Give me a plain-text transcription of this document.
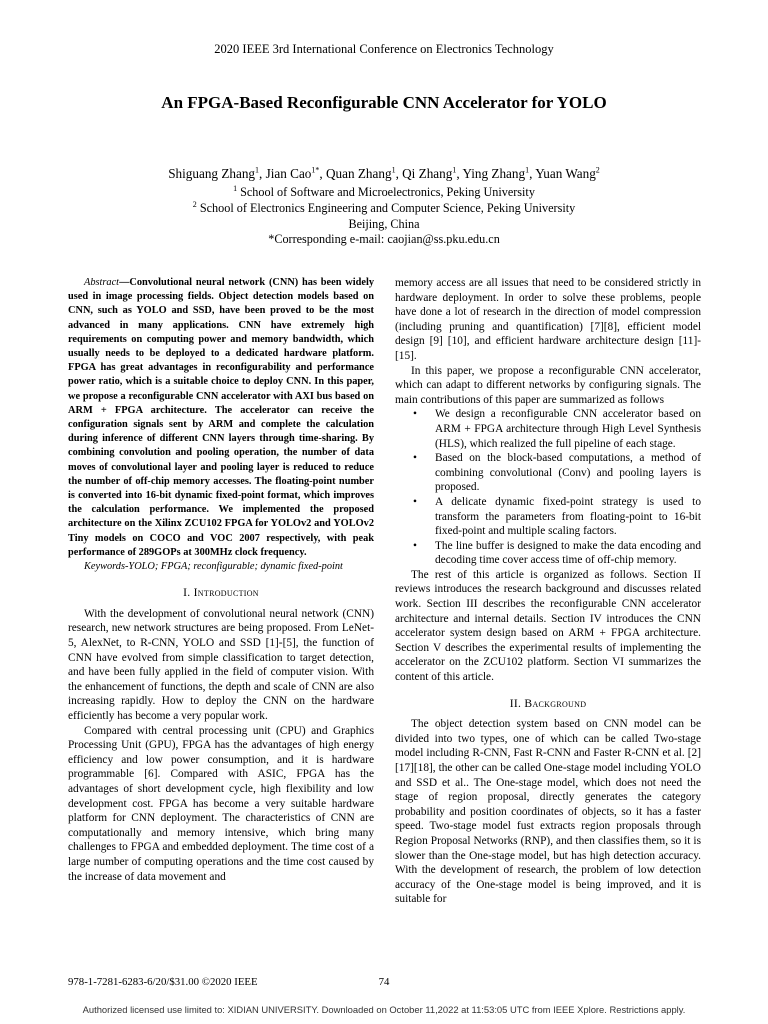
2020 IEEE 3rd International Conference on Electronics Technology
An FPGA-Based Reconfigurable CNN Accelerator for YOLO
Shiguang Zhang$^1$, Jian Cao$^{1*}$, Quan Zhang$^1$, Qi Zhang$^1$, Ying Zhang$^1$, Yuan Wang$^2$
$^1$ School of Software and Microelectronics, Peking University
$^2$ School of Electronics Engineering and Computer Science, Peking University
Beijing, China
*Corresponding e-mail: caojian@ss.pku.edu.cn

Abstract—Convolutional neural network (CNN) has been widely used in image processing fields. Object detection models based on CNN, such as YOLO and SSD, have been proved to be the most advanced in many applications. CNN have extremely high requirements on computing power and memory bandwidth, which usually needs to be deployed to a dedicated hardware platform. FPGA has great advantages in reconfigurability and performance power ratio, which is a suitable choice to deploy CNN. In this paper, we propose a reconfigurable CNN accelerator with AXI bus based on ARM + FPGA architecture. The accelerator can receive the configuration signals sent by ARM and complete the calculation during inference of different CNN layers through time-sharing. By combining convolution and pooling operation, the number of data moves of convolutional layer and pooling layer is reduced to reduce the number of off-chip memory accesses. The floating-point number is converted into 16-bit dynamic fixed-point format, which improves the calculation performance. We implemented the proposed architecture on the Xilinx ZCU102 FPGA for YOLOv2 and YOLOv2 Tiny models on COCO and VOC 2007 respectively, with peak performance of 289GOPs at 300MHz clock frequency.

Keywords-YOLO; FPGA; reconfigurable; dynamic fixed-point

I. Introduction

With the development of convolutional neural network (CNN) research, new network structures are being proposed. From LeNet-5, AlexNet, to R-CNN, YOLO and SSD [1]-[5], the function of CNN have evolved from simple classification to target detection, and have been fully applied in the field of computer vision. With the enhancement of functions, the depth and scale of CNN are also increasing rapidly. How to deploy the CNN on the hardware efficiently has become a very popular work.

Compared with central processing unit (CPU) and Graphics Processing Unit (GPU), FPGA has the advantages of high energy efficiency and low power consumption, and it is hardware programmable [6]. Compared with ASIC, FPGA has the advantages of short development cycle, high flexibility and low development cost. FPGA has become a very suitable hardware platform for CNN deployment. The characteristics of CNN are computationally and memory intensive, which bring many challenges to FPGA and embedded deployment. The time cost of a large number of computing operations and the time cost caused by the increase of data movement and

memory access are all issues that need to be considered strictly in hardware deployment. In order to solve these problems, people have done a lot of research in the direction of model compression (including pruning and quantification) [7][8], efficient model design [9] [10], and efficient hardware architecture design [11]-[15].

In this paper, we propose a reconfigurable CNN accelerator, which can adapt to different networks by configuring signals. The main contributions of this paper are summarized as follows

• We design a reconfigurable CNN accelerator based on ARM + FPGA architecture through High Level Synthesis (HLS), which realized the full pipeline of each stage.
• Based on the block-based computations, a method of combining convolutional (Conv) and pooling layers is proposed.
• A delicate dynamic fixed-point strategy is used to transform the parameters from floating-point to 16-bit fixed-point and multiple scaling factors.
• The line buffer is designed to make the data encoding and decoding time cover access time of off-chip memory.

The rest of this article is organized as follows. Section II reviews introduces the research background and discusses related work. Section III describes the reconfigurable CNN accelerator architecture and internal details. Section IV introduces the CNN accelerator system design based on ARM + FPGA architecture. Section V describes the experimental results of implementing the accelerator on the ZCU102 platform. Section VI summarizes the content of this article.

II. Background

The object detection system based on CNN model can be divided into two types, one of which can be called Two-stage model including R-CNN, Fast R-CNN and Faster R-CNN et al. [2][17][18], the other can be called One-stage model including YOLO and SSD et al.. The One-stage model, which does not need the stage of region proposal, directly generates the category probability and position coordinates of objects, so it has a faster speed. Two-stage model fust extracts region proposals through Region Proposal Networks (RNP), and then classifies them, so it is slower than the One-stage model, but has high detection accuracy. With the development of research, the problem of low detection accuracy of the One-stage model is being improved, and it is suitable for

978-1-7281-6283-6/20/$31.00 ©2020 IEEE	74
Authorized licensed use limited to: XIDIAN UNIVERSITY. Downloaded on October 11,2022 at 11:53:05 UTC from IEEE Xplore. Restrictions apply.
